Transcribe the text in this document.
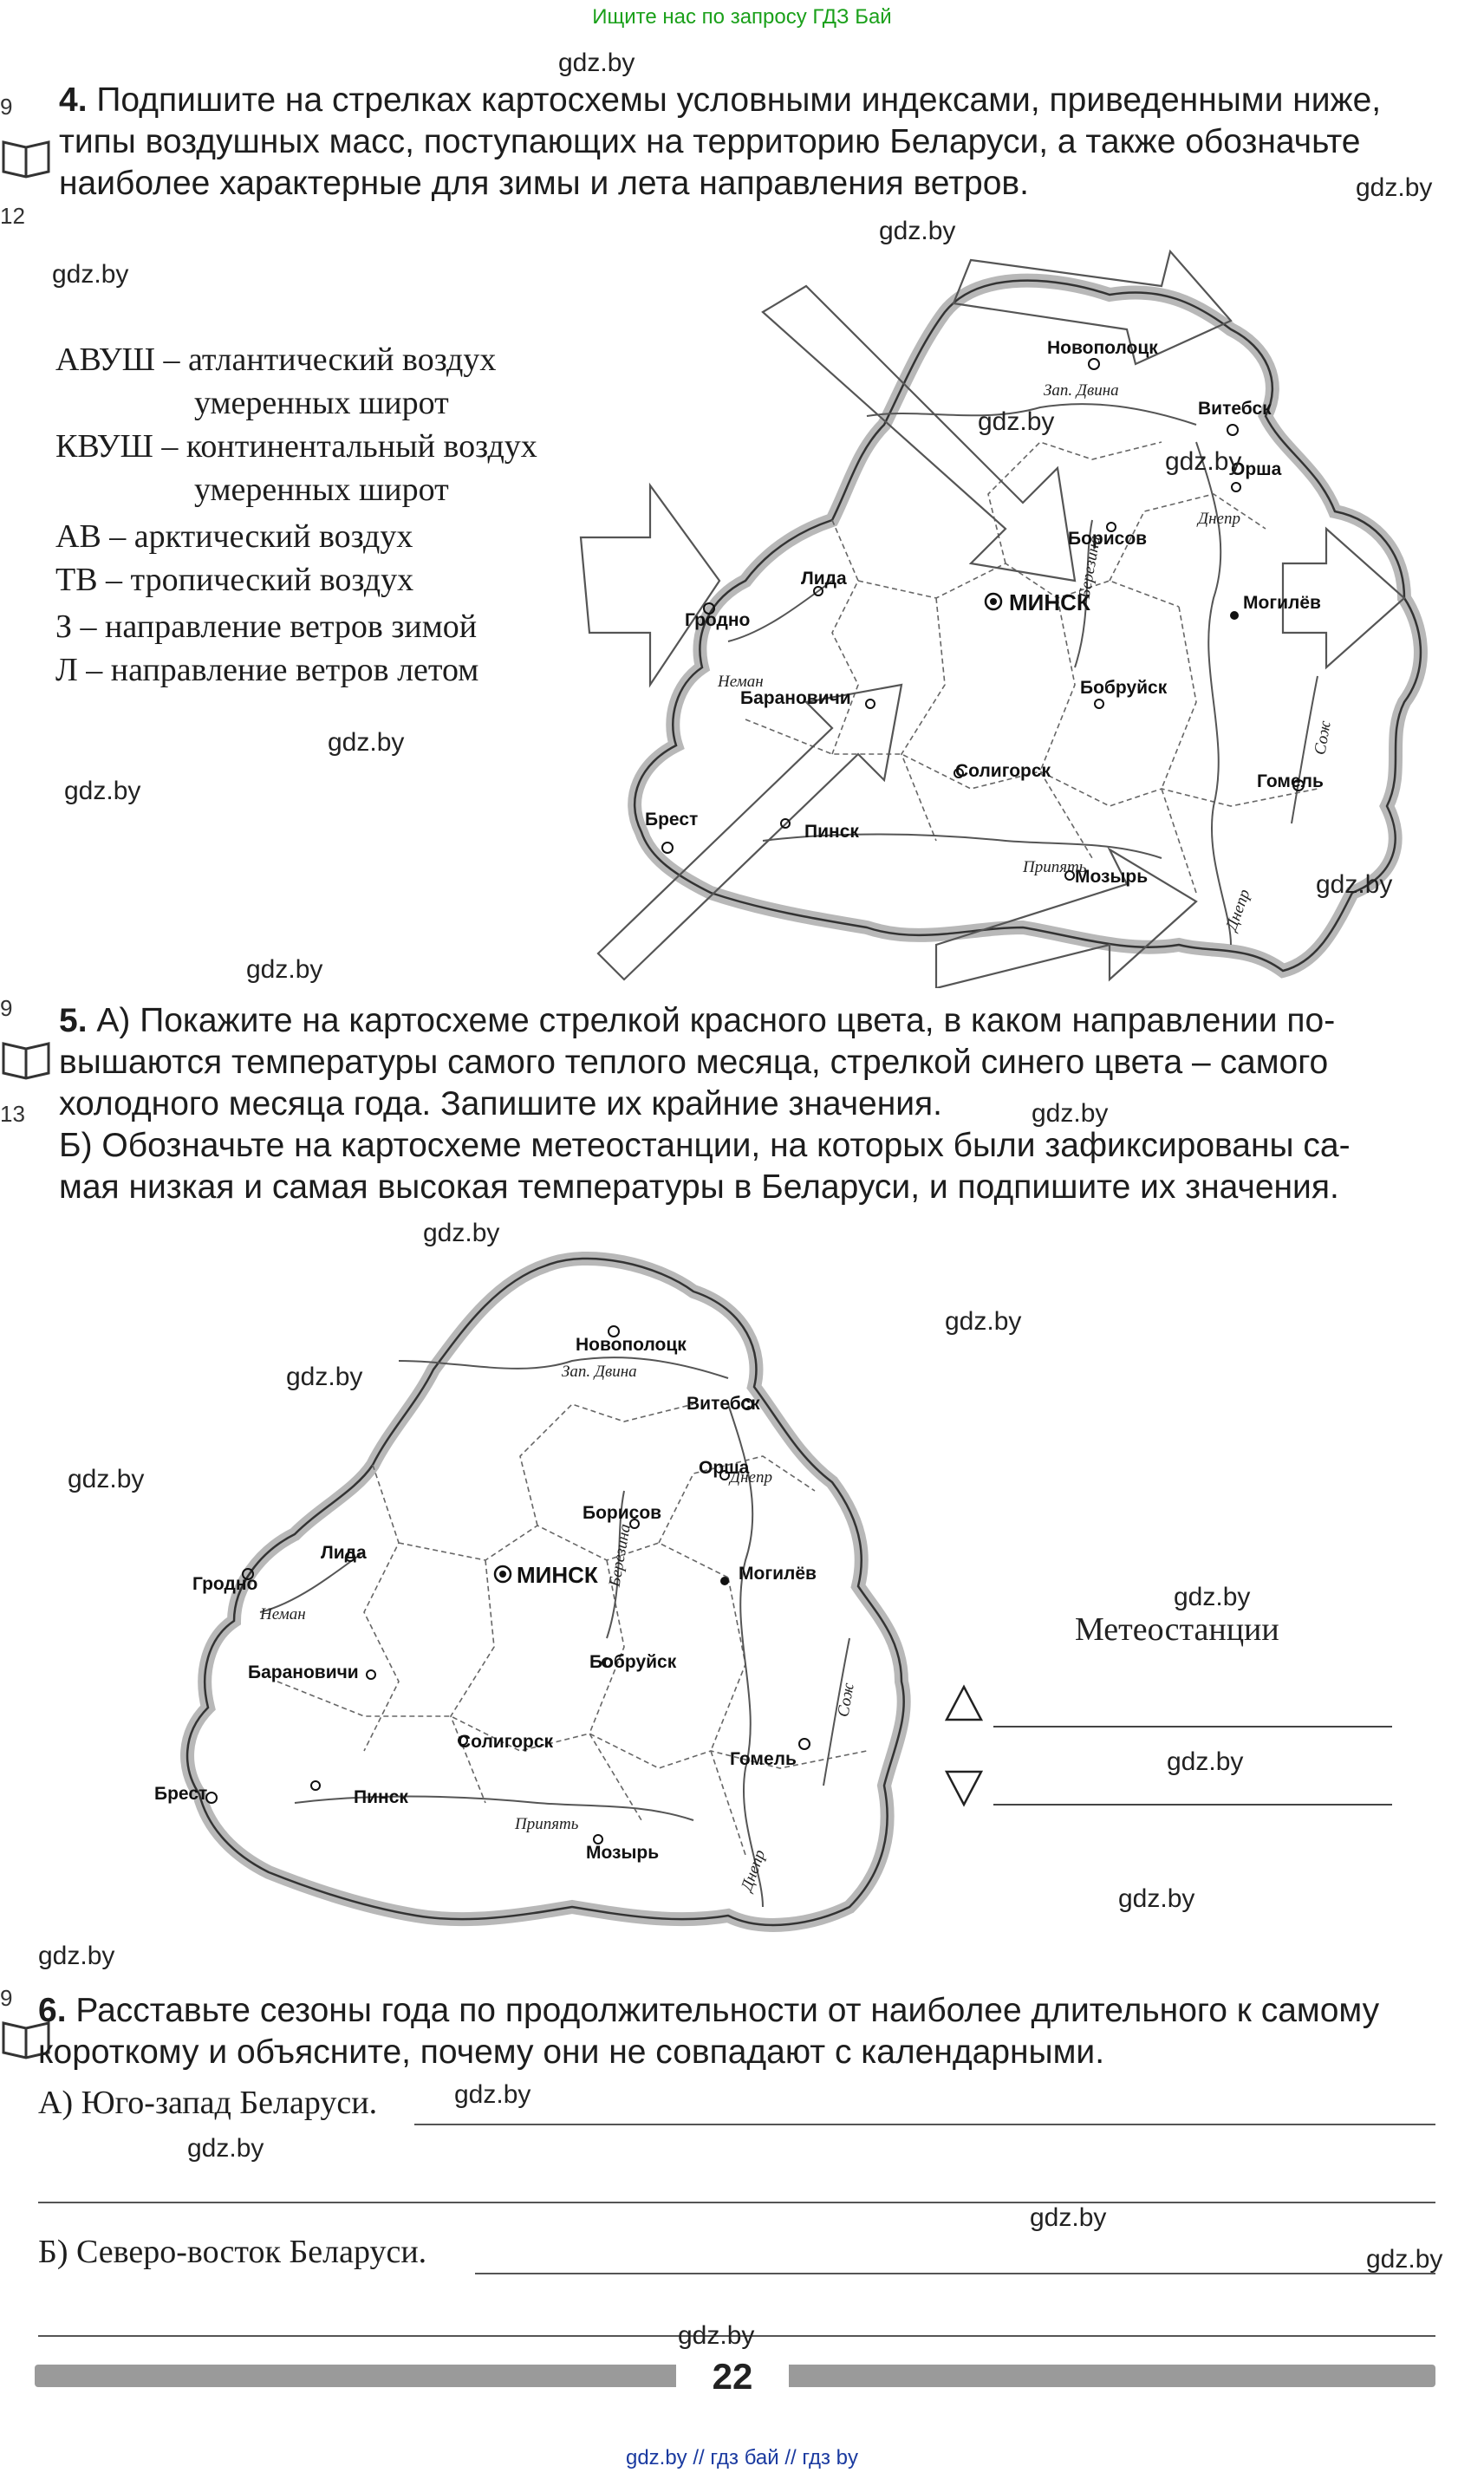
Ищите нас по запросу ГДЗ Бай
9
12
9
13
9
4. Подпишите на стрелках картосхемы условными индексами, приведенными ниже,
типы воздушных масс, поступающих на территорию Беларуси, а также обозначьте
наиболее характерные для зимы и лета направления ветров.
АВУШ – атлантический воздух
умеренных широт
КВУШ – континентальный воздух
умеренных широт
АВ – арктический воздух
ТВ – тропический воздух
З – направление ветров зимой
Л – направление ветров летом
Новополоцк
Витебск
Орша
Борисов
Лида
Гродно
МИНСК	Могилёв
Барановичи
Бобруйск
Солигорск
Гомель
Брест
Пинск
Мозырь
Зап. Двина
Днепр
Березина
Неман
Сож
Припять
Днепр
5. А) Покажите на картосхеме стрелкой красного цвета, в каком направлении по-
вышаются температуры самого теплого месяца, стрелкой синего цвета – самого
холодного месяца года. Запишите их крайние значения.
Б) Обозначьте на картосхеме метеостанции, на которых были зафиксированы са-
мая низкая и самая высокая температуры в Беларуси, и подпишите их значения.
Новополоцк
Витебск
Орша
Борисов
Лида
Гродно	МИНСК	Могилёв
Барановичи
Бобруйск
Солигорск
Гомель
Брест	Пинск
Мозырь
Зап. Двина
Днепр
Березина
Неман
Сож
Припять
Днепр
Метеостанции
6. Расставьте сезоны года по продолжительности от наиболее длительного к самому
короткому и объясните, почему они не совпадают с календарными.
А) Юго-запад Беларуси.
Б) Северо-восток Беларуси.
gdz.by
gdz.by
gdz.by
gdz.by
gdz.by
gdz.by
gdz.by
gdz.by
gdz.by
gdz.by
gdz.by
gdz.by
gdz.by
gdz.by
gdz.by
gdz.by
gdz.by
gdz.by
gdz.by
gdz.by
gdz.by
gdz.by
gdz.by
gdz.by
22
gdz.by // гдз бай // гдз by
